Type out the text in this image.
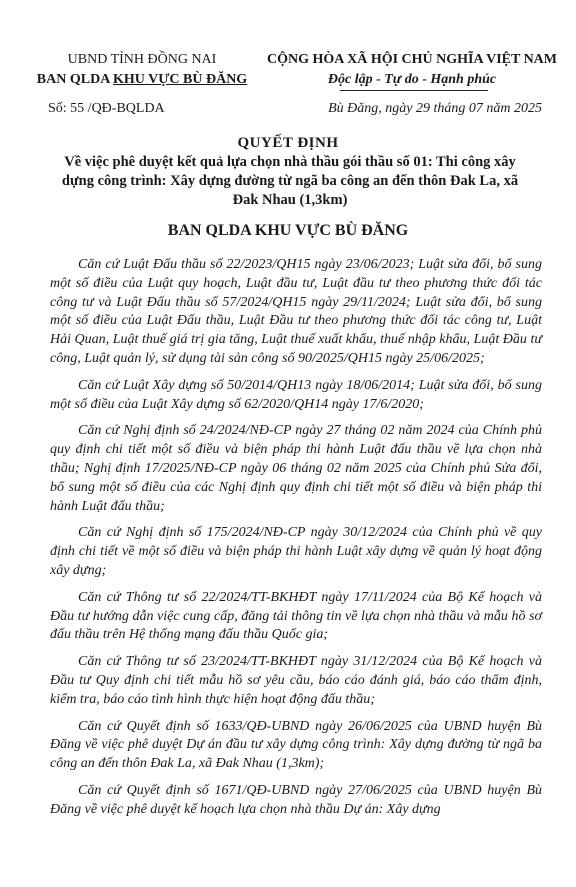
UBND TỈNH ĐỒNG NAI
BAN QLDA KHU VỰC BÙ ĐĂNG
CỘNG HÒA XÃ HỘI CHỦ NGHĨA VIỆT NAM
Độc lập - Tự do - Hạnh phúc
Số: 55 /QĐ-BQLDA	Bù Đăng, ngày 29 tháng 07 năm 2025
QUYẾT ĐỊNH
Về việc phê duyệt kết quả lựa chọn nhà thầu gói thầu số 01: Thi công xây dựng công trình: Xây dựng đường từ ngã ba công an đến thôn Đak La, xã Đak Nhau (1,3km)
BAN QLDA KHU VỰC BÙ ĐĂNG

Căn cứ Luật Đấu thầu số 22/2023/QH15 ngày 23/06/2023; Luật sửa đổi, bổ sung một số điều của Luật quy hoạch, Luật đầu tư, Luật đầu tư theo phương thức đối tác công tư và Luật Đấu thầu số 57/2024/QH15 ngày 29/11/2024; Luật sửa đổi, bổ sung một số điều của Luật Đấu thầu, Luật Đầu tư theo phương thức đối tác công tư, Luật Hải Quan, Luật thuế giá trị gia tăng, Luật thuế xuất khẩu, thuế nhập khẩu, Luật Đầu tư công, Luật quản lý, sử dụng tài sản công số 90/2025/QH15 ngày 25/06/2025;

Căn cứ Luật Xây dựng số 50/2014/QH13 ngày 18/06/2014; Luật sửa đổi, bổ sung một số điều của Luật Xây dựng số 62/2020/QH14 ngày 17/6/2020;

Căn cứ Nghị định số 24/2024/NĐ-CP ngày 27 tháng 02 năm 2024 của Chính phủ quy định chi tiết một số điều và biện pháp thi hành Luật đấu thầu về lựa chọn nhà thầu; Nghị định 17/2025/NĐ-CP ngày 06 tháng 02 năm 2025 của Chính phủ Sửa đổi, bổ sung một số điều của các Nghị định quy định chi tiết một số điều và biện pháp thi hành Luật đấu thầu;

Căn cứ Nghị định số 175/2024/NĐ-CP ngày 30/12/2024 của Chính phủ về quy định chi tiết về một số điều và biện pháp thi hành Luật xây dựng về quản lý hoạt động xây dựng;

Căn cứ Thông tư số 22/2024/TT-BKHĐT ngày 17/11/2024 của Bộ Kế hoạch và Đầu tư hướng dẫn việc cung cấp, đăng tải thông tin về lựa chọn nhà thầu và mẫu hồ sơ đấu thầu trên Hệ thống mạng đấu thầu Quốc gia;

Căn cứ Thông tư số 23/2024/TT-BKHĐT ngày 31/12/2024 của Bộ Kế hoạch và Đầu tư Quy định chi tiết mẫu hồ sơ yêu cầu, báo cáo đánh giá, báo cáo thẩm định, kiểm tra, báo cáo tình hình thực hiện hoạt động đấu thầu;

Căn cứ Quyết định số 1633/QĐ-UBND ngày 26/06/2025 của UBND huyện Bù Đăng về việc phê duyệt Dự án đầu tư xây dựng công trình: Xây dựng đường từ ngã ba công an đến thôn Đak La, xã Đak Nhau (1,3km);

Căn cứ Quyết định số 1671/QĐ-UBND ngày 27/06/2025 của UBND huyện Bù Đăng về việc phê duyệt kế hoạch lựa chọn nhà thầu Dự án: Xây dựng
